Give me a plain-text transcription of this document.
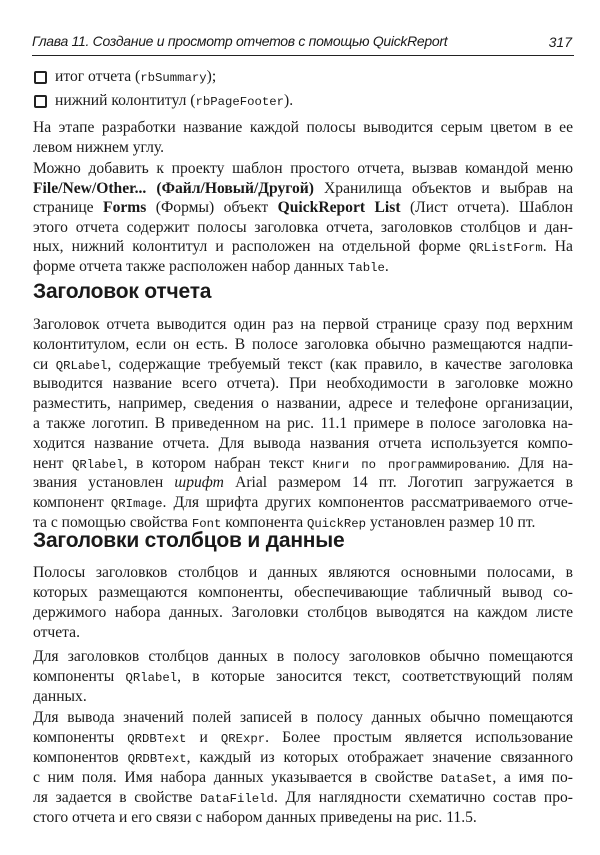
Глава 11. Создание и просмотр отчетов с помощью QuickReport	317
итог отчета (rbSummary);
нижний колонтитул (rbPageFooter).
Заголовок отчета
Заголовки столбцов и данные
На этапе разработки название каждой полосы выводится серым цветом в ее
левом нижнем углу.
Можно добавить к проекту шаблон простого отчета, вызвав командой меню
File/New/Other... (Файл/Новый/Другой) Хранилища объектов и выбрав на
странице Forms (Формы) объект QuickReport List (Лист отчета). Шаблон
этого отчета содержит полосы заголовка отчета, заголовков столбцов и дан-
ных, нижний колонтитул и расположен на отдельной форме QRListForm. На
форме отчета также расположен набор данных Table.
Заголовок отчета выводится один раз на первой странице сразу под верхним
колонтитулом, если он есть. В полосе заголовка обычно размещаются надпи-
си QRLabel, содержащие требуемый текст (как правило, в качестве заголовка
выводится название всего отчета). При необходимости в заголовке можно
разместить, например, сведения о названии, адресе и телефоне организации,
а также логотип. В приведенном на рис. 11.1 примере в полосе заголовка на-
ходится название отчета. Для вывода названия отчета используется компо-
нент QRlabel, в котором набран текст Книги по программированию. Для на-
звания установлен шрифт Arial размером 14 пт. Логотип загружается в
компонент QRImage. Для шрифта других компонентов рассматриваемого отче-
та с помощью свойства Font компонента QuickRep установлен размер 10 пт.
Полосы заголовков столбцов и данных являются основными полосами, в
которых размещаются компоненты, обеспечивающие табличный вывод со-
держимого набора данных. Заголовки столбцов выводятся на каждом листе
отчета.
Для заголовков столбцов данных в полосу заголовков обычно помещаются
компоненты QRlabel, в которые заносится текст, соответствующий полям
данных.
Для вывода значений полей записей в полосу данных обычно помещаются
компоненты QRDBText и QRExpr. Более простым является использование
компонентов QRDBText, каждый из которых отображает значение связанного
с ним поля. Имя набора данных указывается в свойстве DataSet, а имя по-
ля задается в свойстве DataFileld. Для наглядности схематично состав про-
стого отчета и его связи с набором данных приведены на рис. 11.5.
